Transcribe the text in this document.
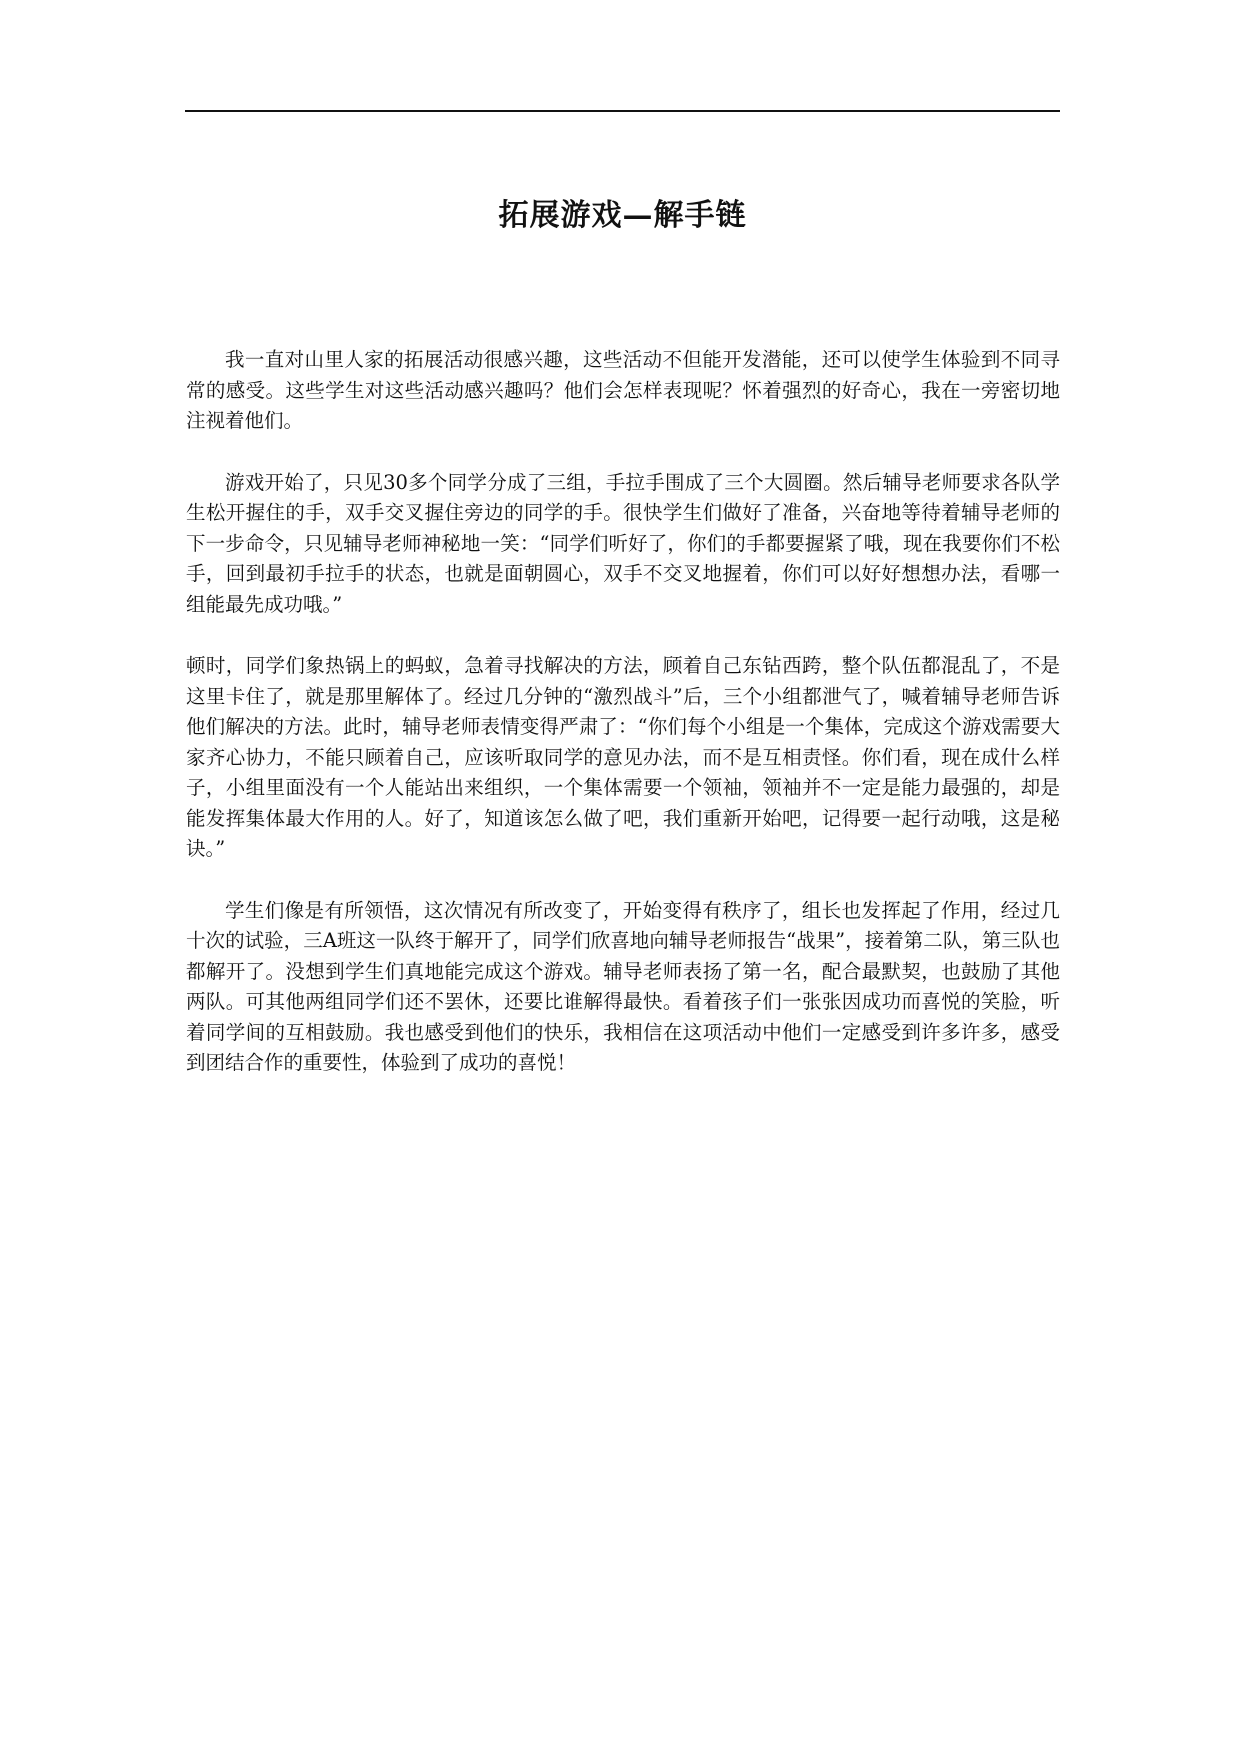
拓展游戏—解手链

我一直对山里人家的拓展活动很感兴趣，这些活动不但能开发潜能，还可以使学生体验到不同寻常的感受。这些学生对这些活动感兴趣吗？他们会怎样表现呢？怀着强烈的好奇心，我在一旁密切地注视着他们。

游戏开始了，只见30多个同学分成了三组，手拉手围成了三个大圆圈。然后辅导老师要求各队学生松开握住的手，双手交叉握住旁边的同学的手。很快学生们做好了准备，兴奋地等待着辅导老师的下一步命令，只见辅导老师神秘地一笑：“同学们听好了，你们的手都要握紧了哦，现在我要你们不松手，回到最初手拉手的状态，也就是面朝圆心，双手不交叉地握着，你们可以好好想想办法，看哪一组能最先成功哦。”

顿时，同学们象热锅上的蚂蚁，急着寻找解决的方法，顾着自己东钻西跨，整个队伍都混乱了，不是这里卡住了，就是那里解体了。经过几分钟的“激烈战斗”后，三个小组都泄气了，喊着辅导老师告诉他们解决的方法。此时，辅导老师表情变得严肃了：“你们每个小组是一个集体，完成这个游戏需要大家齐心协力，不能只顾着自己，应该听取同学的意见办法，而不是互相责怪。你们看，现在成什么样子，小组里面没有一个人能站出来组织，一个集体需要一个领袖，领袖并不一定是能力最强的，却是能发挥集体最大作用的人。好了，知道该怎么做了吧，我们重新开始吧，记得要一起行动哦，这是秘诀。”

学生们像是有所领悟，这次情况有所改变了，开始变得有秩序了，组长也发挥起了作用，经过几十次的试验，三A班这一队终于解开了，同学们欣喜地向辅导老师报告“战果”，接着第二队，第三队也都解开了。没想到学生们真地能完成这个游戏。辅导老师表扬了第一名，配合最默契，也鼓励了其他两队。可其他两组同学们还不罢休，还要比谁解得最快。看着孩子们一张张因成功而喜悦的笑脸，听着同学间的互相鼓励。我也感受到他们的快乐，我相信在这项活动中他们一定感受到许多许多，感受到团结合作的重要性，体验到了成功的喜悦！
